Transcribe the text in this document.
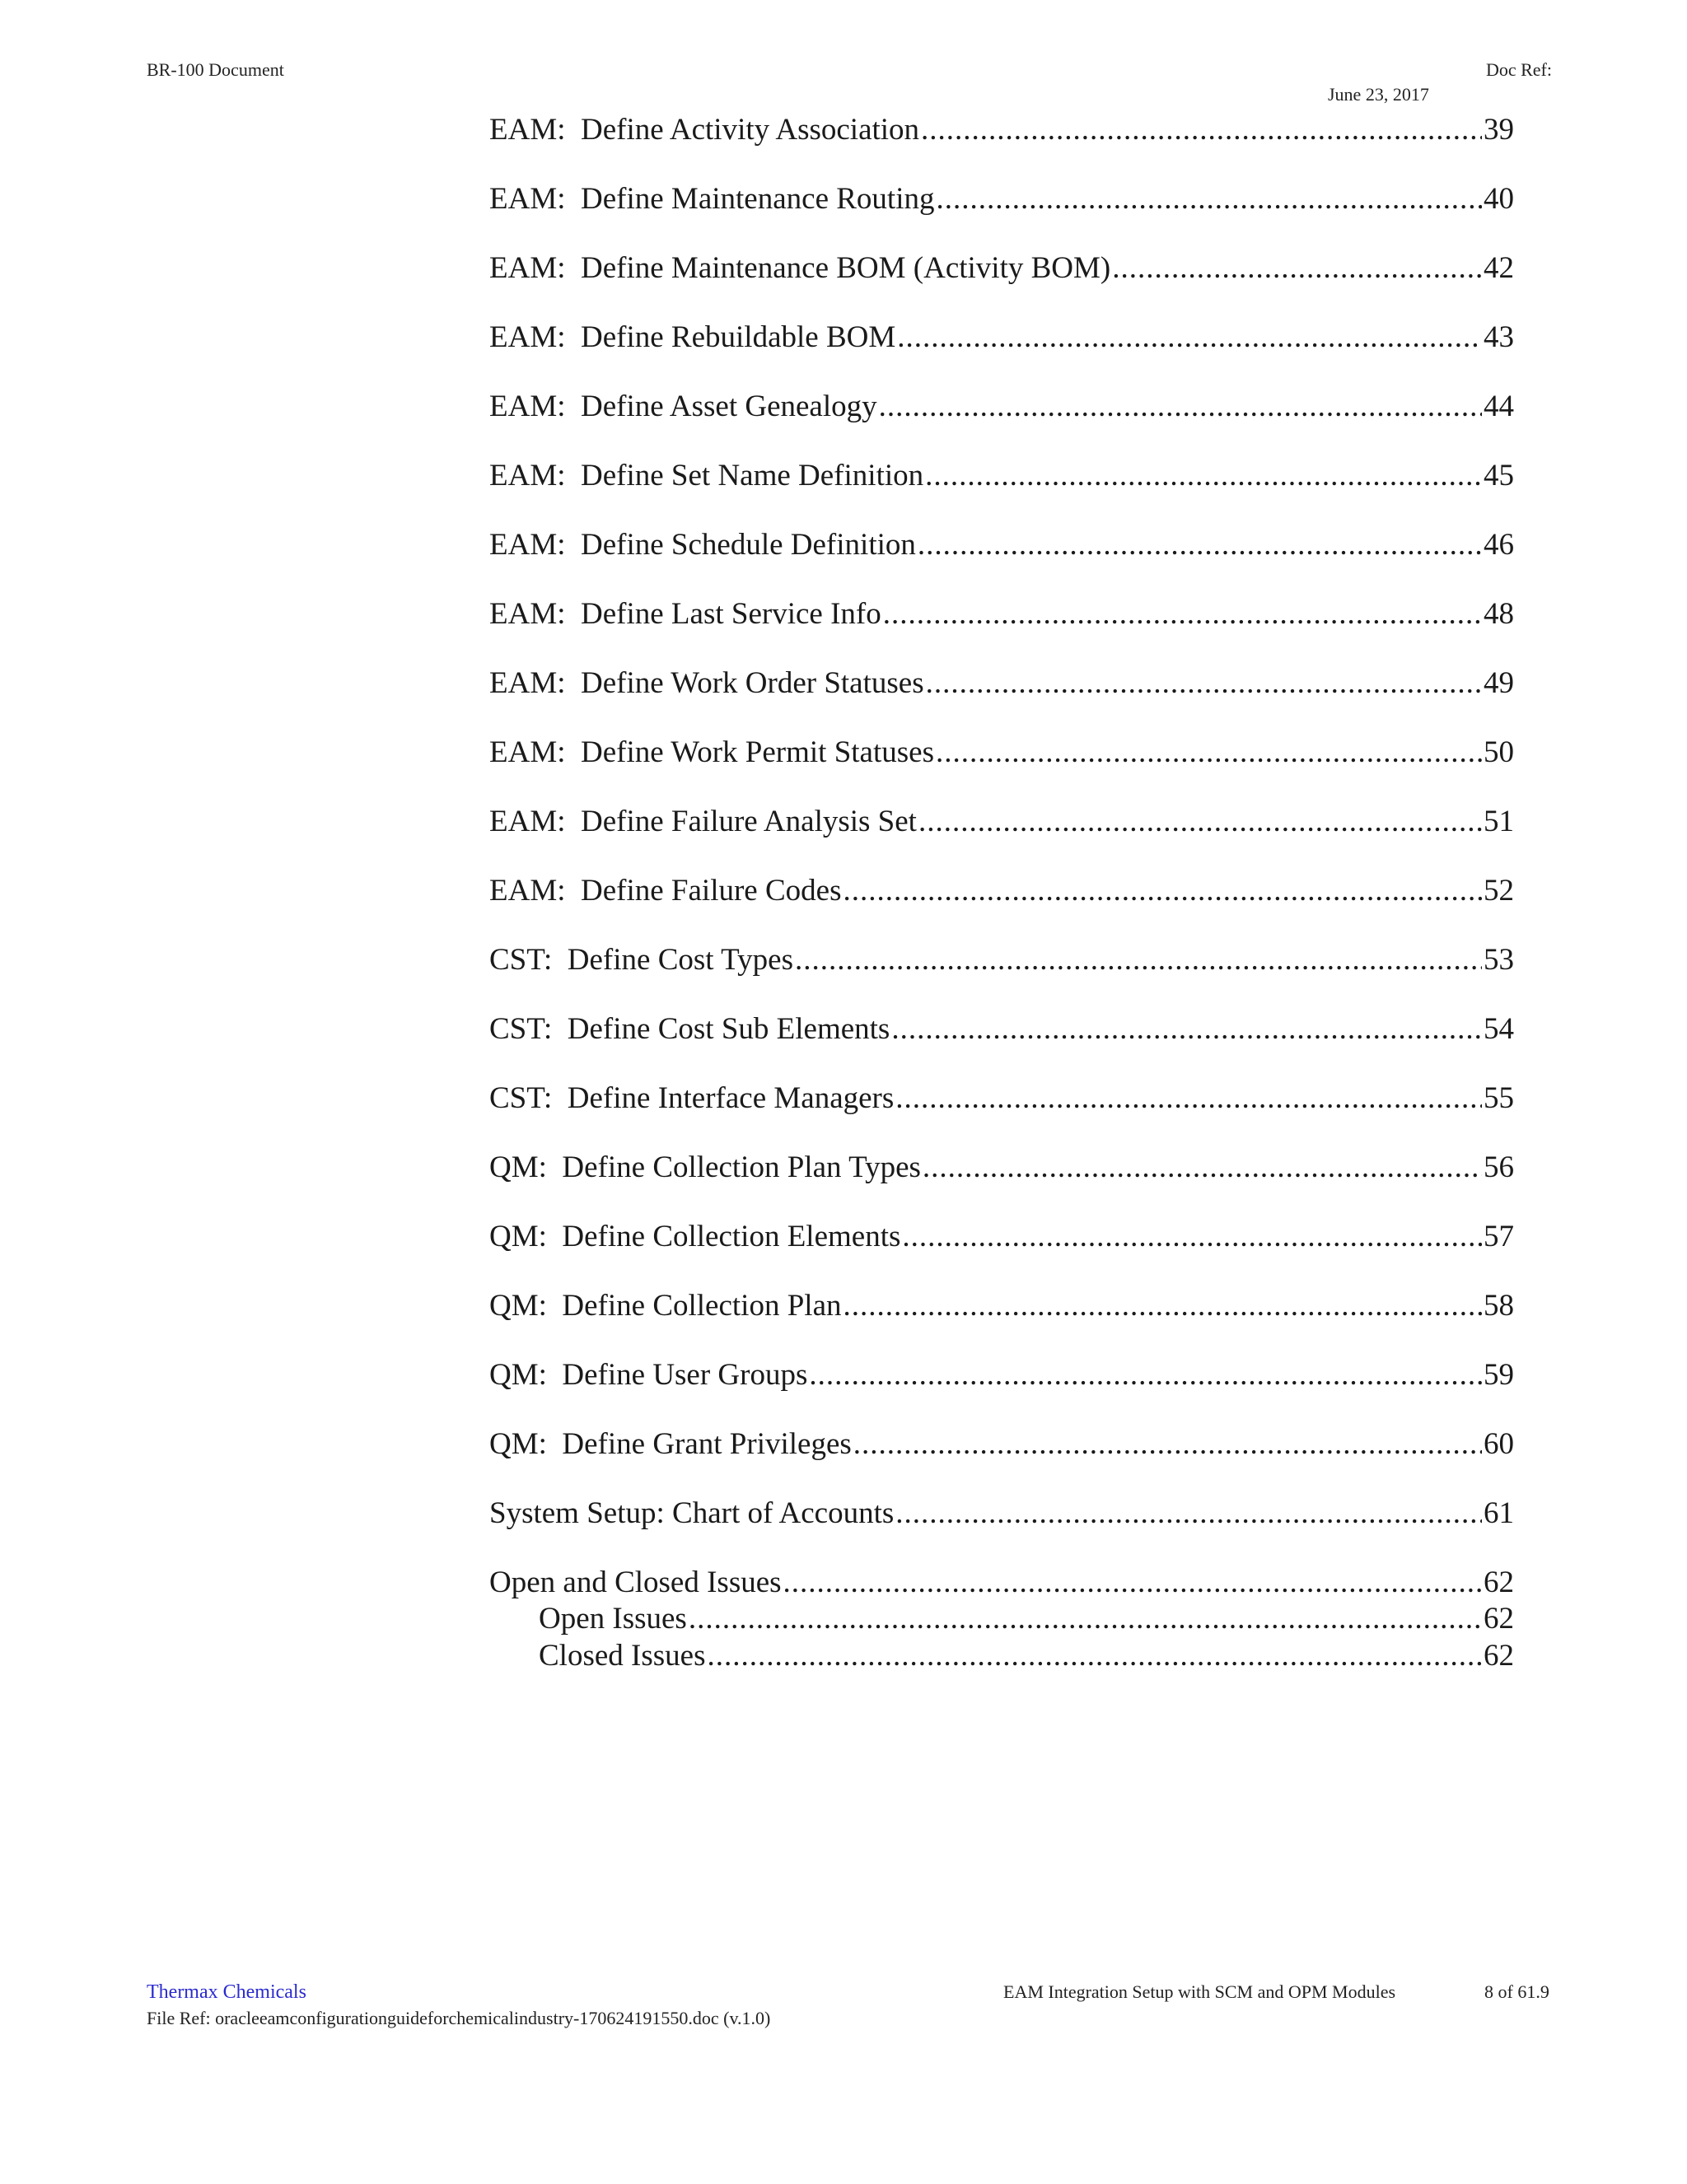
BR-100 Document	Doc Ref:
June 23, 2017
EAM:  Define Activity Association .....	39
EAM:  Define Maintenance Routing .....	40
EAM:  Define Maintenance BOM (Activity BOM) .....	42
EAM:  Define Rebuildable BOM .....	43
EAM:  Define Asset Genealogy .....	44
EAM:  Define Set Name Definition .....	45
EAM:  Define Schedule Definition .....	46
EAM:  Define Last Service Info .....	48
EAM:  Define Work Order Statuses .....	49
EAM:  Define Work Permit Statuses .....	50
EAM:  Define Failure Analysis Set .....	51
EAM:  Define Failure Codes .....	52
CST:  Define Cost Types .....	53
CST:  Define Cost Sub Elements .....	54
CST:  Define Interface Managers .....	55
QM:  Define Collection Plan Types .....	56
QM:  Define Collection Elements .....	57
QM:  Define Collection Plan .....	58
QM:  Define User Groups .....	59
QM:  Define Grant Privileges .....	60
System Setup: Chart of Accounts .....	61
Open and Closed Issues .....	62
Open Issues .....	62
Closed Issues .....	62
Thermax Chemicals
File Ref: oracleeamconfigurationguideforchemicalindustry-170624191550.doc (v.1.0)
EAM Integration Setup with SCM and OPM Modules	8 of 61.9
